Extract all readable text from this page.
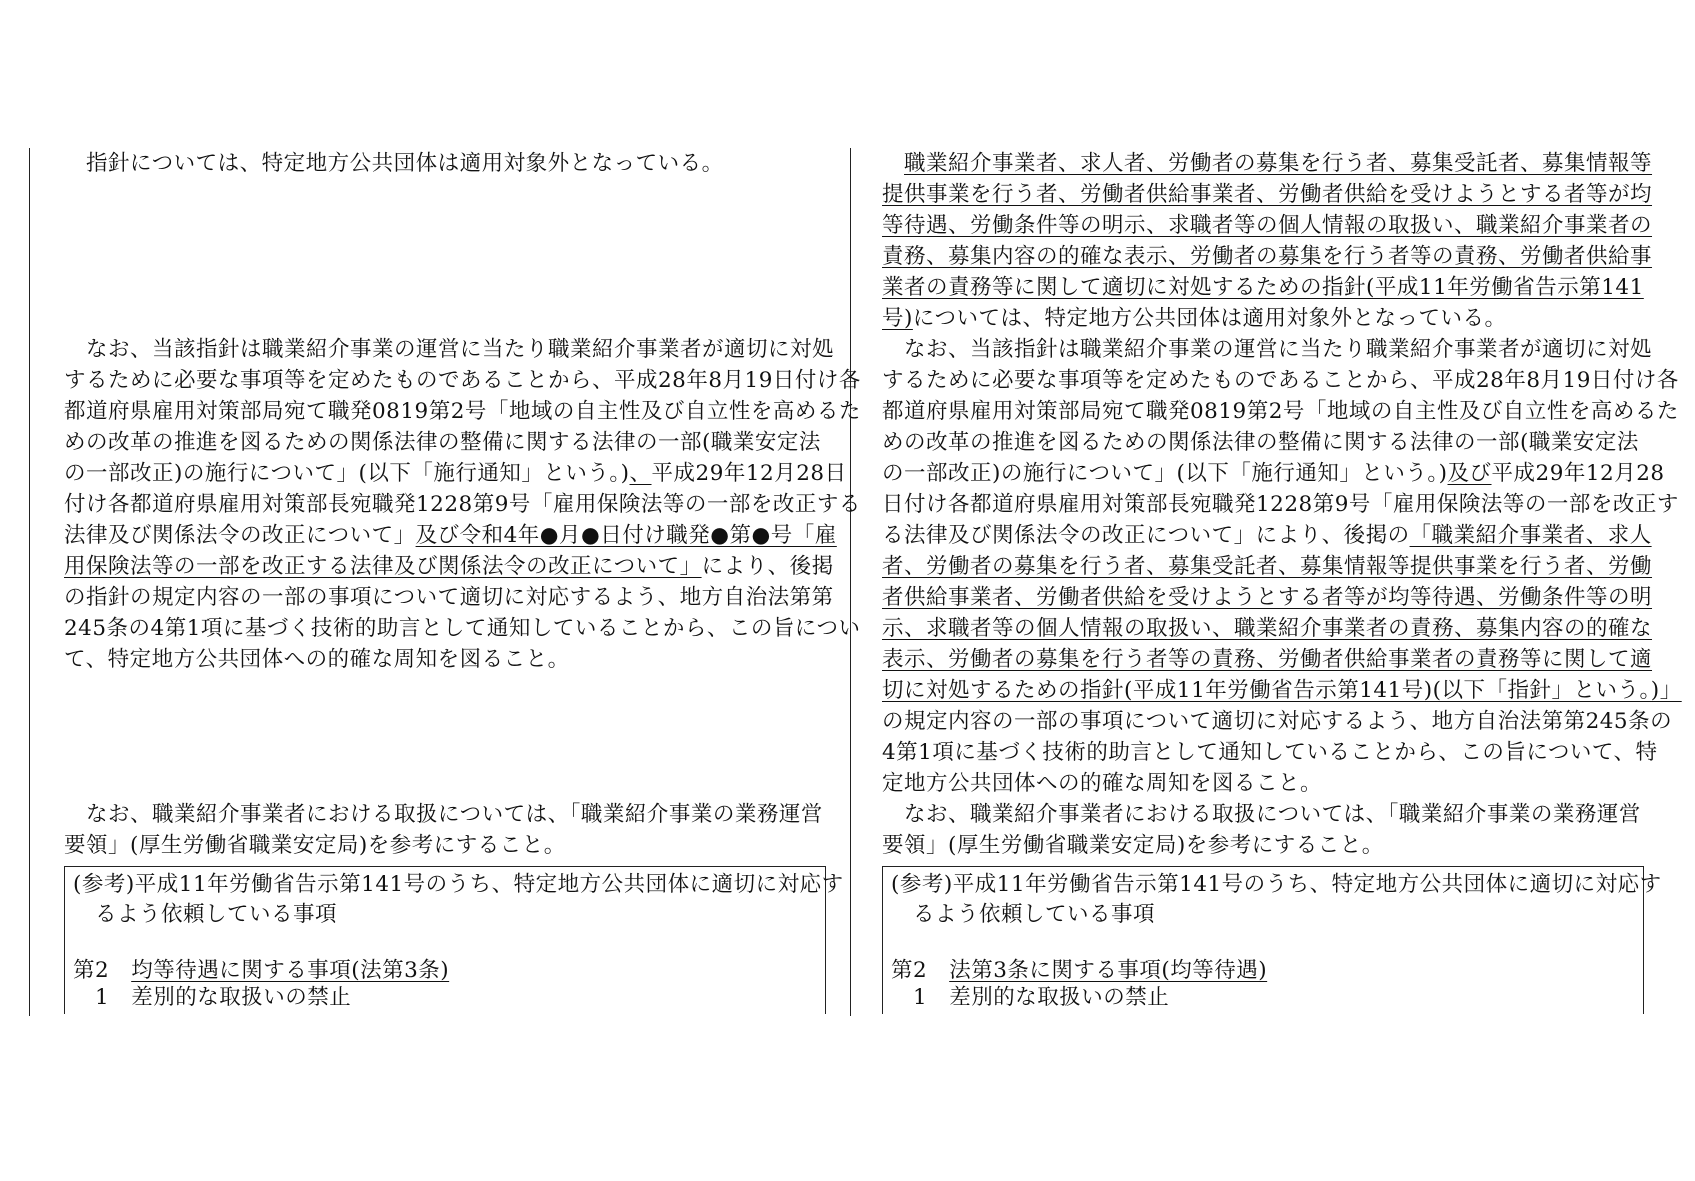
　指針については、特定地方公共団体は適用対象外となっている。

　なお、当該指針は職業紹介事業の運営に当たり職業紹介事業者が適切に対処
するために必要な事項等を定めたものであることから、平成28年8月19日付け各
都道府県雇用対策部局宛て職発0819第2号「地域の自主性及び自立性を高めるた
めの改革の推進を図るための関係法律の整備に関する法律の一部(職業安定法
の一部改正)の施行について」(以下「施行通知」という。)、平成29年12月28日
付け各都道府県雇用対策部長宛職発1228第9号「雇用保険法等の一部を改正する
法律及び関係法令の改正について」及び令和4年●月●日付け職発●第●号「雇
用保険法等の一部を改正する法律及び関係法令の改正について」により、後掲
の指針の規定内容の一部の事項について適切に対応するよう、地方自治法第第
245条の4第1項に基づく技術的助言として通知していることから、この旨につい
て、特定地方公共団体への的確な周知を図ること。

　なお、職業紹介事業者における取扱については、「職業紹介事業の業務運営
要領」(厚生労働省職業安定局)を参考にすること。

(参考)平成11年労働省告示第141号のうち、特定地方公共団体に適切に対応す
　るよう依頼している事項
第2　均等待遇に関する事項(法第3条)
　1　差別的な取扱いの禁止

　職業紹介事業者、求人者、労働者の募集を行う者、募集受託者、募集情報等
提供事業を行う者、労働者供給事業者、労働者供給を受けようとする者等が均
等待遇、労働条件等の明示、求職者等の個人情報の取扱い、職業紹介事業者の
責務、募集内容の的確な表示、労働者の募集を行う者等の責務、労働者供給事
業者の責務等に関して適切に対処するための指針(平成11年労働省告示第141
号)については、特定地方公共団体は適用対象外となっている。

　なお、当該指針は職業紹介事業の運営に当たり職業紹介事業者が適切に対処
するために必要な事項等を定めたものであることから、平成28年8月19日付け各
都道府県雇用対策部局宛て職発0819第2号「地域の自主性及び自立性を高めるた
めの改革の推進を図るための関係法律の整備に関する法律の一部(職業安定法
の一部改正)の施行について」(以下「施行通知」という。)及び平成29年12月28
日付け各都道府県雇用対策部長宛職発1228第9号「雇用保険法等の一部を改正す
る法律及び関係法令の改正について」により、後掲の「職業紹介事業者、求人
者、労働者の募集を行う者、募集受託者、募集情報等提供事業を行う者、労働
者供給事業者、労働者供給を受けようとする者等が均等待遇、労働条件等の明
示、求職者等の個人情報の取扱い、職業紹介事業者の責務、募集内容の的確な
表示、労働者の募集を行う者等の責務、労働者供給事業者の責務等に関して適
切に対処するための指針(平成11年労働省告示第141号)(以下「指針」という。)」
の規定内容の一部の事項について適切に対応するよう、地方自治法第第245条の
4第1項に基づく技術的助言として通知していることから、この旨について、特
定地方公共団体への的確な周知を図ること。

　なお、職業紹介事業者における取扱については、「職業紹介事業の業務運営
要領」(厚生労働省職業安定局)を参考にすること。

(参考)平成11年労働省告示第141号のうち、特定地方公共団体に適切に対応す
　るよう依頼している事項
第2　法第3条に関する事項(均等待遇)
　1　差別的な取扱いの禁止
